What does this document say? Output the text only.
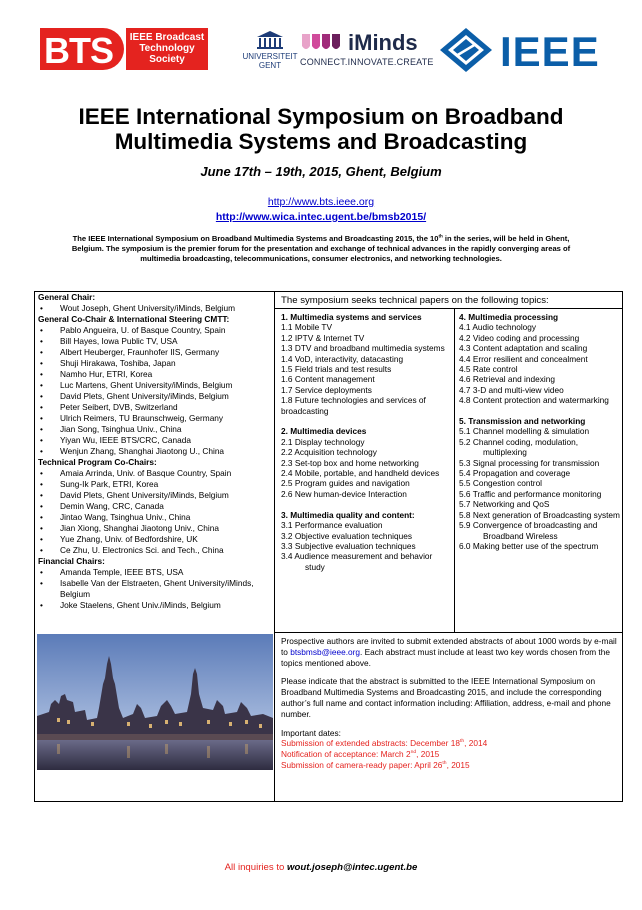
BTS	IEEE Broadcast
Technology
Society	UNIVERSITEIT
GENT
iMinds
CONNECT.INNOVATE.CREATE IEEE
IEEE International Symposium on Broadband
Multimedia Systems and Broadcasting
June 17th – 19th, 2015, Ghent, Belgium
http://www.bts.ieee.org
http://www.wica.intec.ugent.be/bmsb2015/
The IEEE International Symposium on Broadband Multimedia Systems and Broadcasting 2015, the 10th in the series, will be held in Ghent, Belgium. The symposium is the premier forum for the presentation and exchange of technical advances in the rapidly converging areas of multimedia broadcasting, telecommunications, consumer electronics, and networking technologies.
General Chair:
• Wout Joseph, Ghent University/iMinds, Belgium
General Co-Chair & International Steering CMTT:
• Pablo Angueira, U. of Basque Country, Spain
• Bill Hayes, Iowa Public TV, USA
• Albert Heuberger, Fraunhofer IIS, Germany
• Shuji Hirakawa, Toshiba, Japan
• Namho Hur, ETRI, Korea
• Luc Martens, Ghent University/iMinds, Belgium
• David Plets, Ghent University/iMinds, Belgium
• Peter Seibert, DVB, Switzerland
• Ulrich Reimers, TU Braunschweig, Germany
• Jian Song, Tsinghua Univ., China
• Yiyan Wu, IEEE BTS/CRC, Canada
• Wenjun Zhang, Shanghai Jiaotong U., China
Technical Program Co-Chairs:
• Amaia Arrinda, Univ. of Basque Country, Spain
• Sung-Ik Park, ETRI, Korea
• David Plets, Ghent University/iMinds, Belgium
• Demin Wang, CRC, Canada
• Jintao Wang, Tsinghua Univ., China
• Jian Xiong, Shanghai Jiaotong Univ., China
• Yue Zhang, Univ. of Bedfordshire, UK
• Ce Zhu, U. Electronics Sci. and Tech., China
Financial Chairs:
• Amanda Temple, IEEE BTS, USA
• Isabelle Van der Elstraeten, Ghent University/iMinds, Belgium
• Joke Staelens, Ghent Univ./iMinds, Belgium
The symposium seeks technical papers on the following topics:
1. Multimedia systems and services
1.1 Mobile TV
1.2 IPTV & Internet TV
1.3 DTV and broadband multimedia systems
1.4 VoD, interactivity, datacasting
1.5 Field trials and test results
1.6 Content management
1.7 Service deployments
1.8 Future technologies and services of broadcasting
2. Multimedia devices
2.1 Display technology
2.2 Acquisition technology
2.3 Set-top box and home networking
2.4 Mobile, portable, and handheld devices
2.5 Program guides and navigation
2.6 New human-device Interaction
3. Multimedia quality and content:
3.1 Performance evaluation
3.2 Objective evaluation techniques
3.3 Subjective evaluation techniques
3.4 Audience measurement and behavior study
4. Multimedia processing
4.1 Audio technology
4.2 Video coding and processing
4.3 Content adaptation and scaling
4.4 Error resilient and concealment
4.5 Rate control
4.6 Retrieval and indexing
4.7 3-D and multi-view video
4.8 Content protection and watermarking
5. Transmission and networking
5.1 Channel modelling & simulation
5.2 Channel coding, modulation, multiplexing
5.3 Signal processing for transmission
5.4 Propagation and coverage
5.5 Congestion control
5.6 Traffic and performance monitoring
5.7 Networking and QoS
5.8 Next generation of Broadcasting system
5.9 Convergence of broadcasting and Broadband Wireless
6.0 Making better use of the spectrum

Prospective authors are invited to submit extended abstracts of about 1000 words by e-mail to btsbmsb@ieee.org. Each abstract must include at least two key words chosen from the topics mentioned above.

Please indicate that the abstract is submitted to the IEEE International Symposium on Broadband Multimedia Systems and Broadcasting 2015, and include the corresponding author’s full name and contact information including: Affiliation, address, e-mail and phone number.

Important dates:
Submission of extended abstracts: December 18th, 2014
Notification of acceptance: March 2nd, 2015
Submission of camera-ready paper: April 26th, 2015
All inquiries to wout.joseph@intec.ugent.be
